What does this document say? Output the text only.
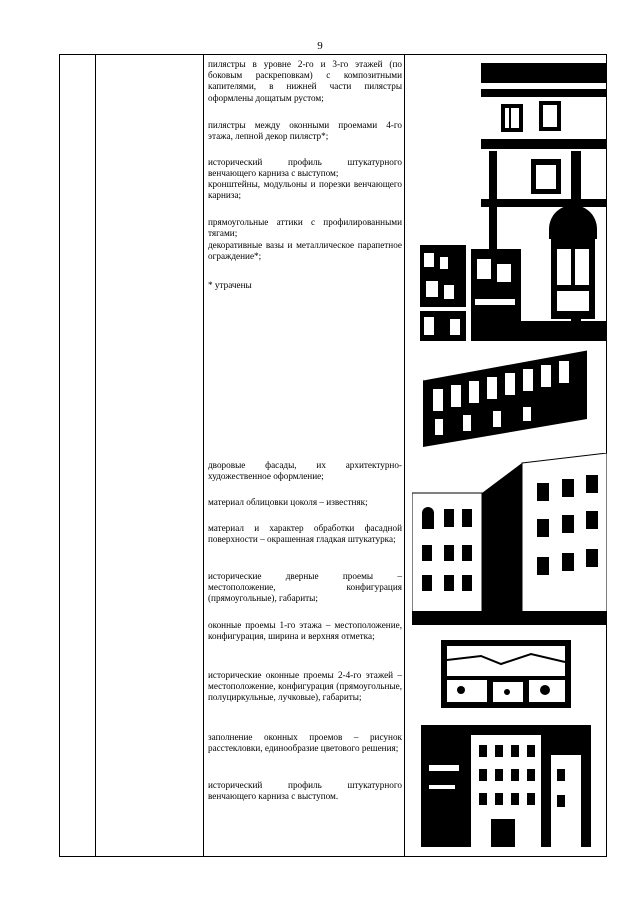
9

пилястры в уровне 2-го и 3-го этажей (по боковым раскреповкам) с композитными капителями, в нижней части пилястры оформлены дощатым рустом;

пилястры между оконными проемами 4-го этажа, лепной декор пилястр*;

исторический профиль штукатурного венчающего карниза с выступом;

кронштейны, модульоны и порезки венчающего карниза;

прямоугольные аттики с профилированными тягами;

декоративные вазы и металлическое парапетное ограждение*;

* утрачены

дворовые фасады, их архитектурно-художественное оформление;

материал облицовки цоколя – известняк;

материал и характер обработки фасадной поверхности – окрашенная гладкая штукатурка;

исторические дверные проемы – местоположение, конфигурация (прямоугольные), габариты;

оконные проемы 1-го этажа – местоположение, конфигурация, ширина и верхняя отметка;

исторические оконные проемы 2-4-го этажей – местоположение, конфигурация (прямоугольные, полуциркульные, лучковые), габариты;

заполнение оконных проемов – рисунок расстекловки, единообразие цветового решения;

исторический профиль штукатурного венчающего карниза с выступом.
